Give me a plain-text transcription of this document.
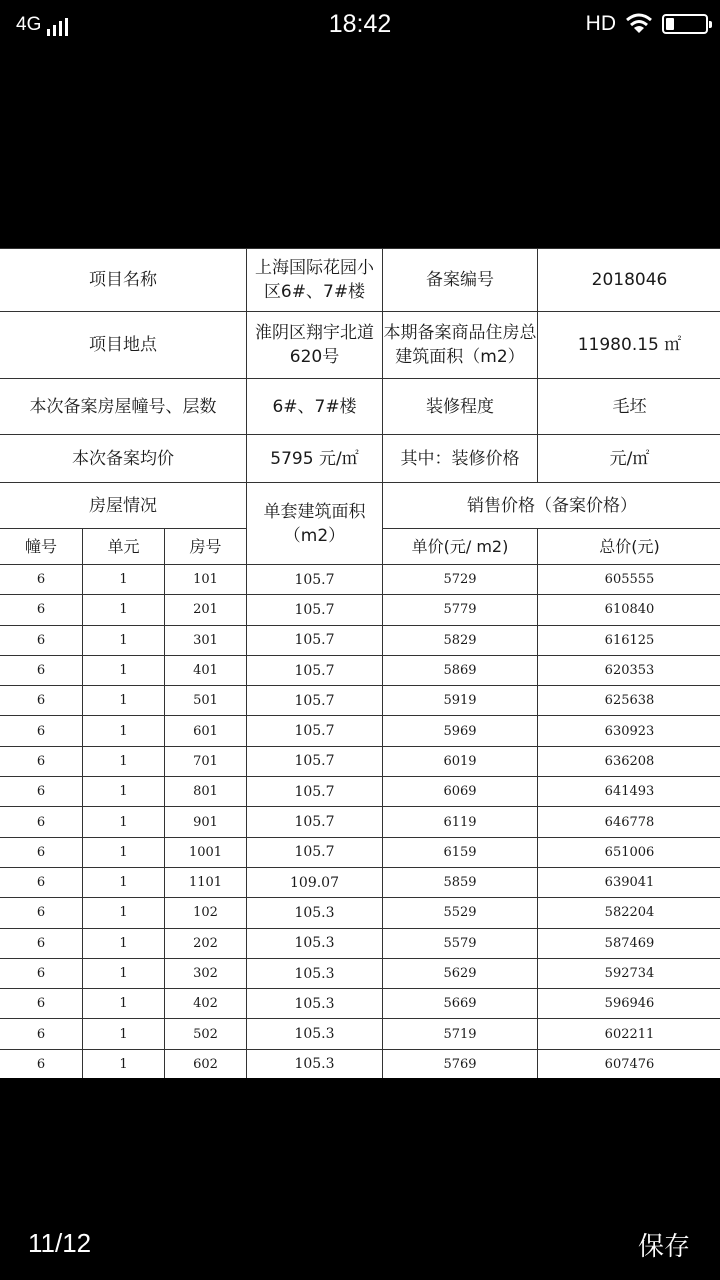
4G	18:42	HD
项目名称			上海国际花园小区6#、7#楼	备案编号	2018046
项目地点			淮阴区翔宇北道620号	本期备案商品住房总建筑面积（m2）	11980.15 ㎡
本次备案房屋幢号、层数			6#、7#楼	装修程度	毛坯
本次备案均价			5795 元/㎡	其中：装修价格	元/㎡
房屋情况			单套建筑面积（m2）	销售价格（备案价格）	
幢号	单元	房号		单价(元/ m2)	总价(元)
6	1	101	105.7	5729	605555
6	1	201	105.7	5779	610840
6	1	301	105.7	5829	616125
6	1	401	105.7	5869	620353
6	1	501	105.7	5919	625638
6	1	601	105.7	5969	630923
6	1	701	105.7	6019	636208
6	1	801	105.7	6069	641493
6	1	901	105.7	6119	646778
6	1	1001	105.7	6159	651006
6	1	1101	109.07	5859	639041
6	1	102	105.3	5529	582204
6	1	202	105.3	5579	587469
6	1	302	105.3	5629	592734
6	1	402	105.3	5669	596946
6	1	502	105.3	5719	602211
6	1	602	105.3	5769	607476
11/12	保存
